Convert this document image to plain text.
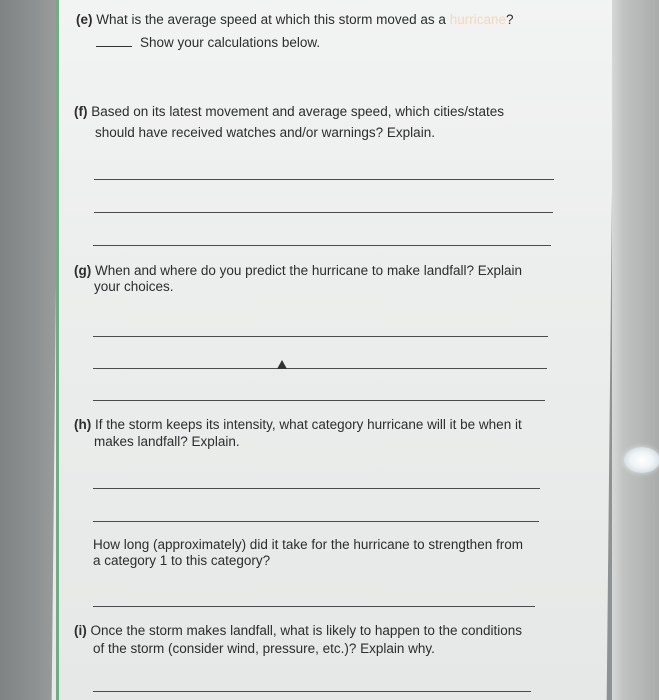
(e) What is the average speed at which this storm moved as a hurricane?
Show your calculations below.
(f) Based on its latest movement and average speed, which cities/states
should have received watches and/or warnings? Explain.
(g) When and where do you predict the hurricane to make landfall? Explain
your choices.
(h) If the storm keeps its intensity, what category hurricane will it be when it
makes landfall? Explain.
How long (approximately) did it take for the hurricane to strengthen from
a category 1 to this category?
(i) Once the storm makes landfall, what is likely to happen to the conditions
of the storm (consider wind, pressure, etc.)? Explain why.
